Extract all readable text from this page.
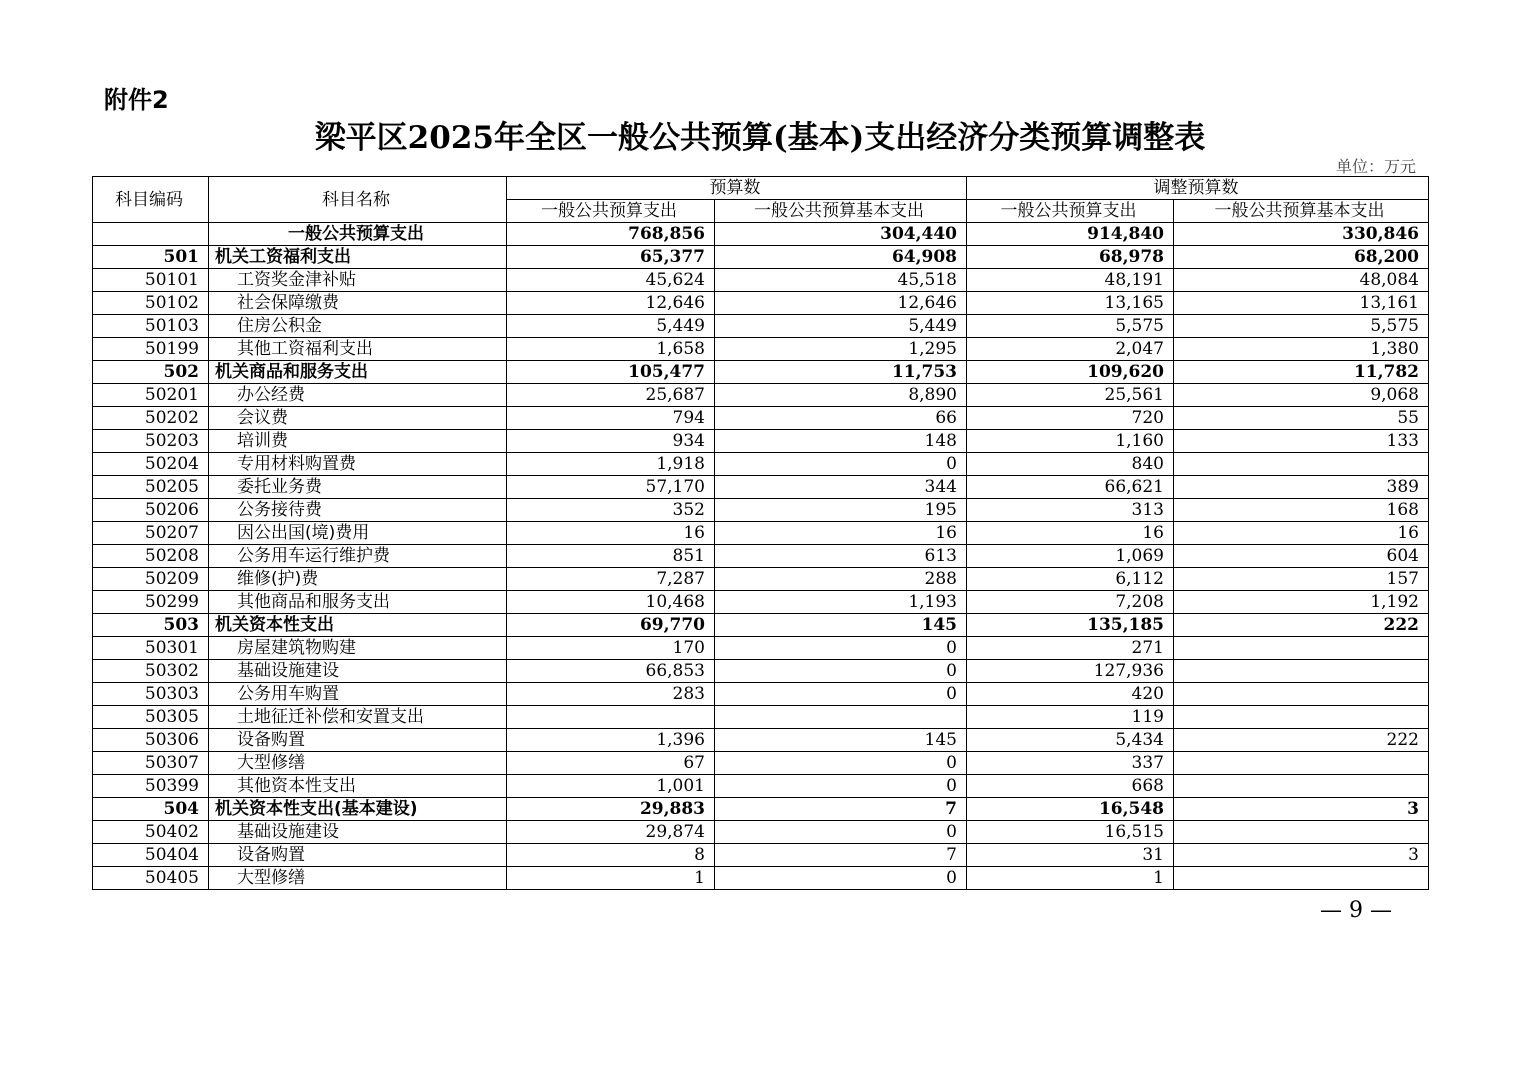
附件2
梁平区2025年全区一般公共预算(基本)支出经济分类预算调整表
单位：万元
科目编码	科目名称	预算数		调整预算数	
		一般公共预算支出	一般公共预算基本支出	一般公共预算支出	一般公共预算基本支出
	一般公共预算支出	768,856	304,440	914,840	330,846
501	机关工资福利支出	65,377	64,908	68,978	68,200
50101	工资奖金津补贴	45,624	45,518	48,191	48,084
50102	社会保障缴费	12,646	12,646	13,165	13,161
50103	住房公积金	5,449	5,449	5,575	5,575
50199	其他工资福利支出	1,658	1,295	2,047	1,380
502	机关商品和服务支出	105,477	11,753	109,620	11,782
50201	办公经费	25,687	8,890	25,561	9,068
50202	会议费	794	66	720	55
50203	培训费	934	148	1,160	133
50204	专用材料购置费	1,918	0	840	
50205	委托业务费	57,170	344	66,621	389
50206	公务接待费	352	195	313	168
50207	因公出国(境)费用	16	16	16	16
50208	公务用车运行维护费	851	613	1,069	604
50209	维修(护)费	7,287	288	6,112	157
50299	其他商品和服务支出	10,468	1,193	7,208	1,192
503	机关资本性支出	69,770	145	135,185	222
50301	房屋建筑物购建	170	0	271	
50302	基础设施建设	66,853	0	127,936	
50303	公务用车购置	283	0	420	
50305	土地征迁补偿和安置支出			119	
50306	设备购置	1,396	145	5,434	222
50307	大型修缮	67	0	337	
50399	其他资本性支出	1,001	0	668	
504	机关资本性支出(基本建设)	29,883	7	16,548	3
50402	基础设施建设	29,874	0	16,515	
50404	设备购置	8	7	31	3
50405	大型修缮	1	0	1	
— 9 —
